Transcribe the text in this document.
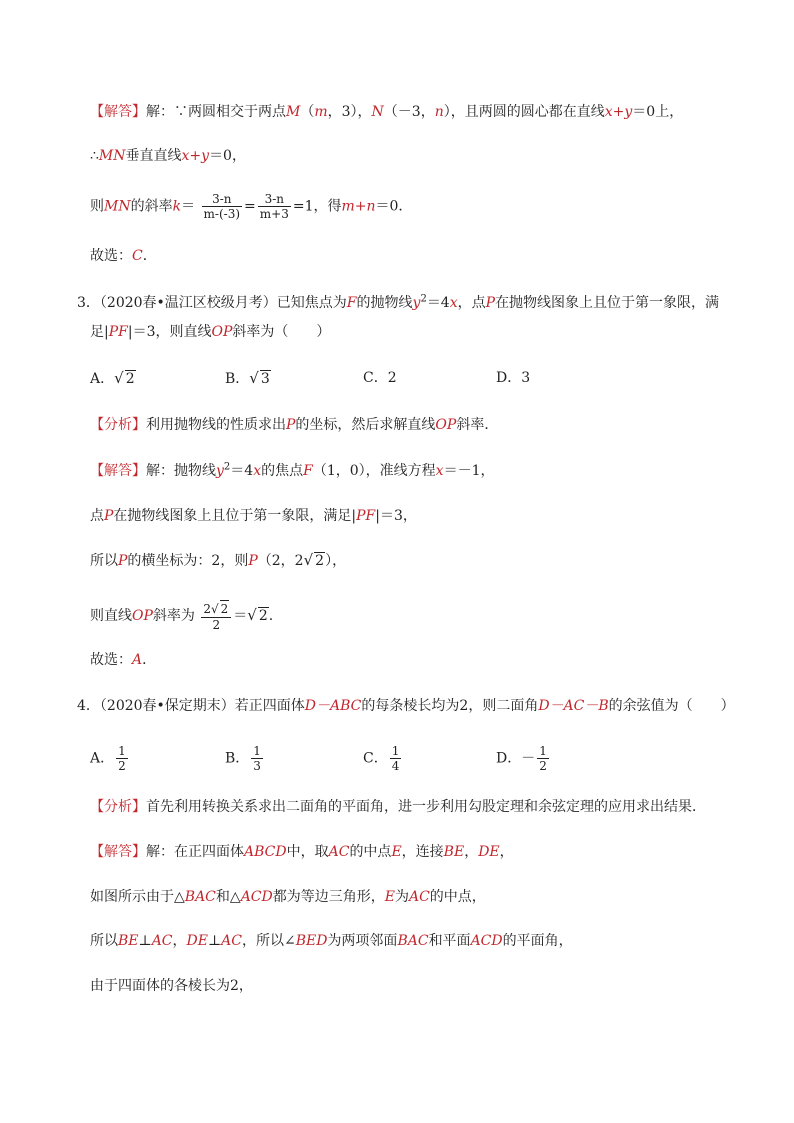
【解答】解：∵两圆相交于两点M（m，3），N（－3，n），且两圆的圆心都在直线x+y＝0上，
∴MN垂直直线x+y＝0，
则MN的斜率$k= \frac{3-n}{m-(-3)} = \frac{3-n}{m+3} =1$，得m+n＝0．
故选：C．
3．（2020春•温江区校级月考）已知焦点为F的抛物线$y^2=4x$，点P在抛物线图象上且位于第一象限，满
足|PF|＝3，则直线OP斜率为（　　）
A．√ 2	B．√ 3	C．2	D．3
【分析】利用抛物线的性质求出P的坐标，然后求解直线OP斜率．
【解答】解：抛物线$y^2=4x$的焦点F（1，0），准线方程x＝－1，
点P在抛物线图象上且位于第一象限，满足|PF|＝3，
所以P的横坐标为：2，则P（2，2√ 2），
则直线OP斜率为 $\frac{2√ 2}{2}$ ＝√ 2.
故选：A．
4．（2020春•保定期末）若正四面体D－ABC的每条棱长均为2，则二面角D－AC－B的余弦值为（　　）
A． $\frac{1}{2}$	B． $\frac{1}{3}$	C． $\frac{1}{4}$	D．－ $\frac{1}{2}$
【分析】首先利用转换关系求出二面角的平面角，进一步利用勾股定理和余弦定理的应用求出结果．
【解答】解：在正四面体ABCD中，取AC的中点E，连接BE，DE，
如图所示由于△BAC和△ACD都为等边三角形，E为AC的中点，
所以BE⊥AC，DE⊥AC，所以∠BED为两项邻面BAC和平面ACD的平面角，
由于四面体的各棱长为2，
